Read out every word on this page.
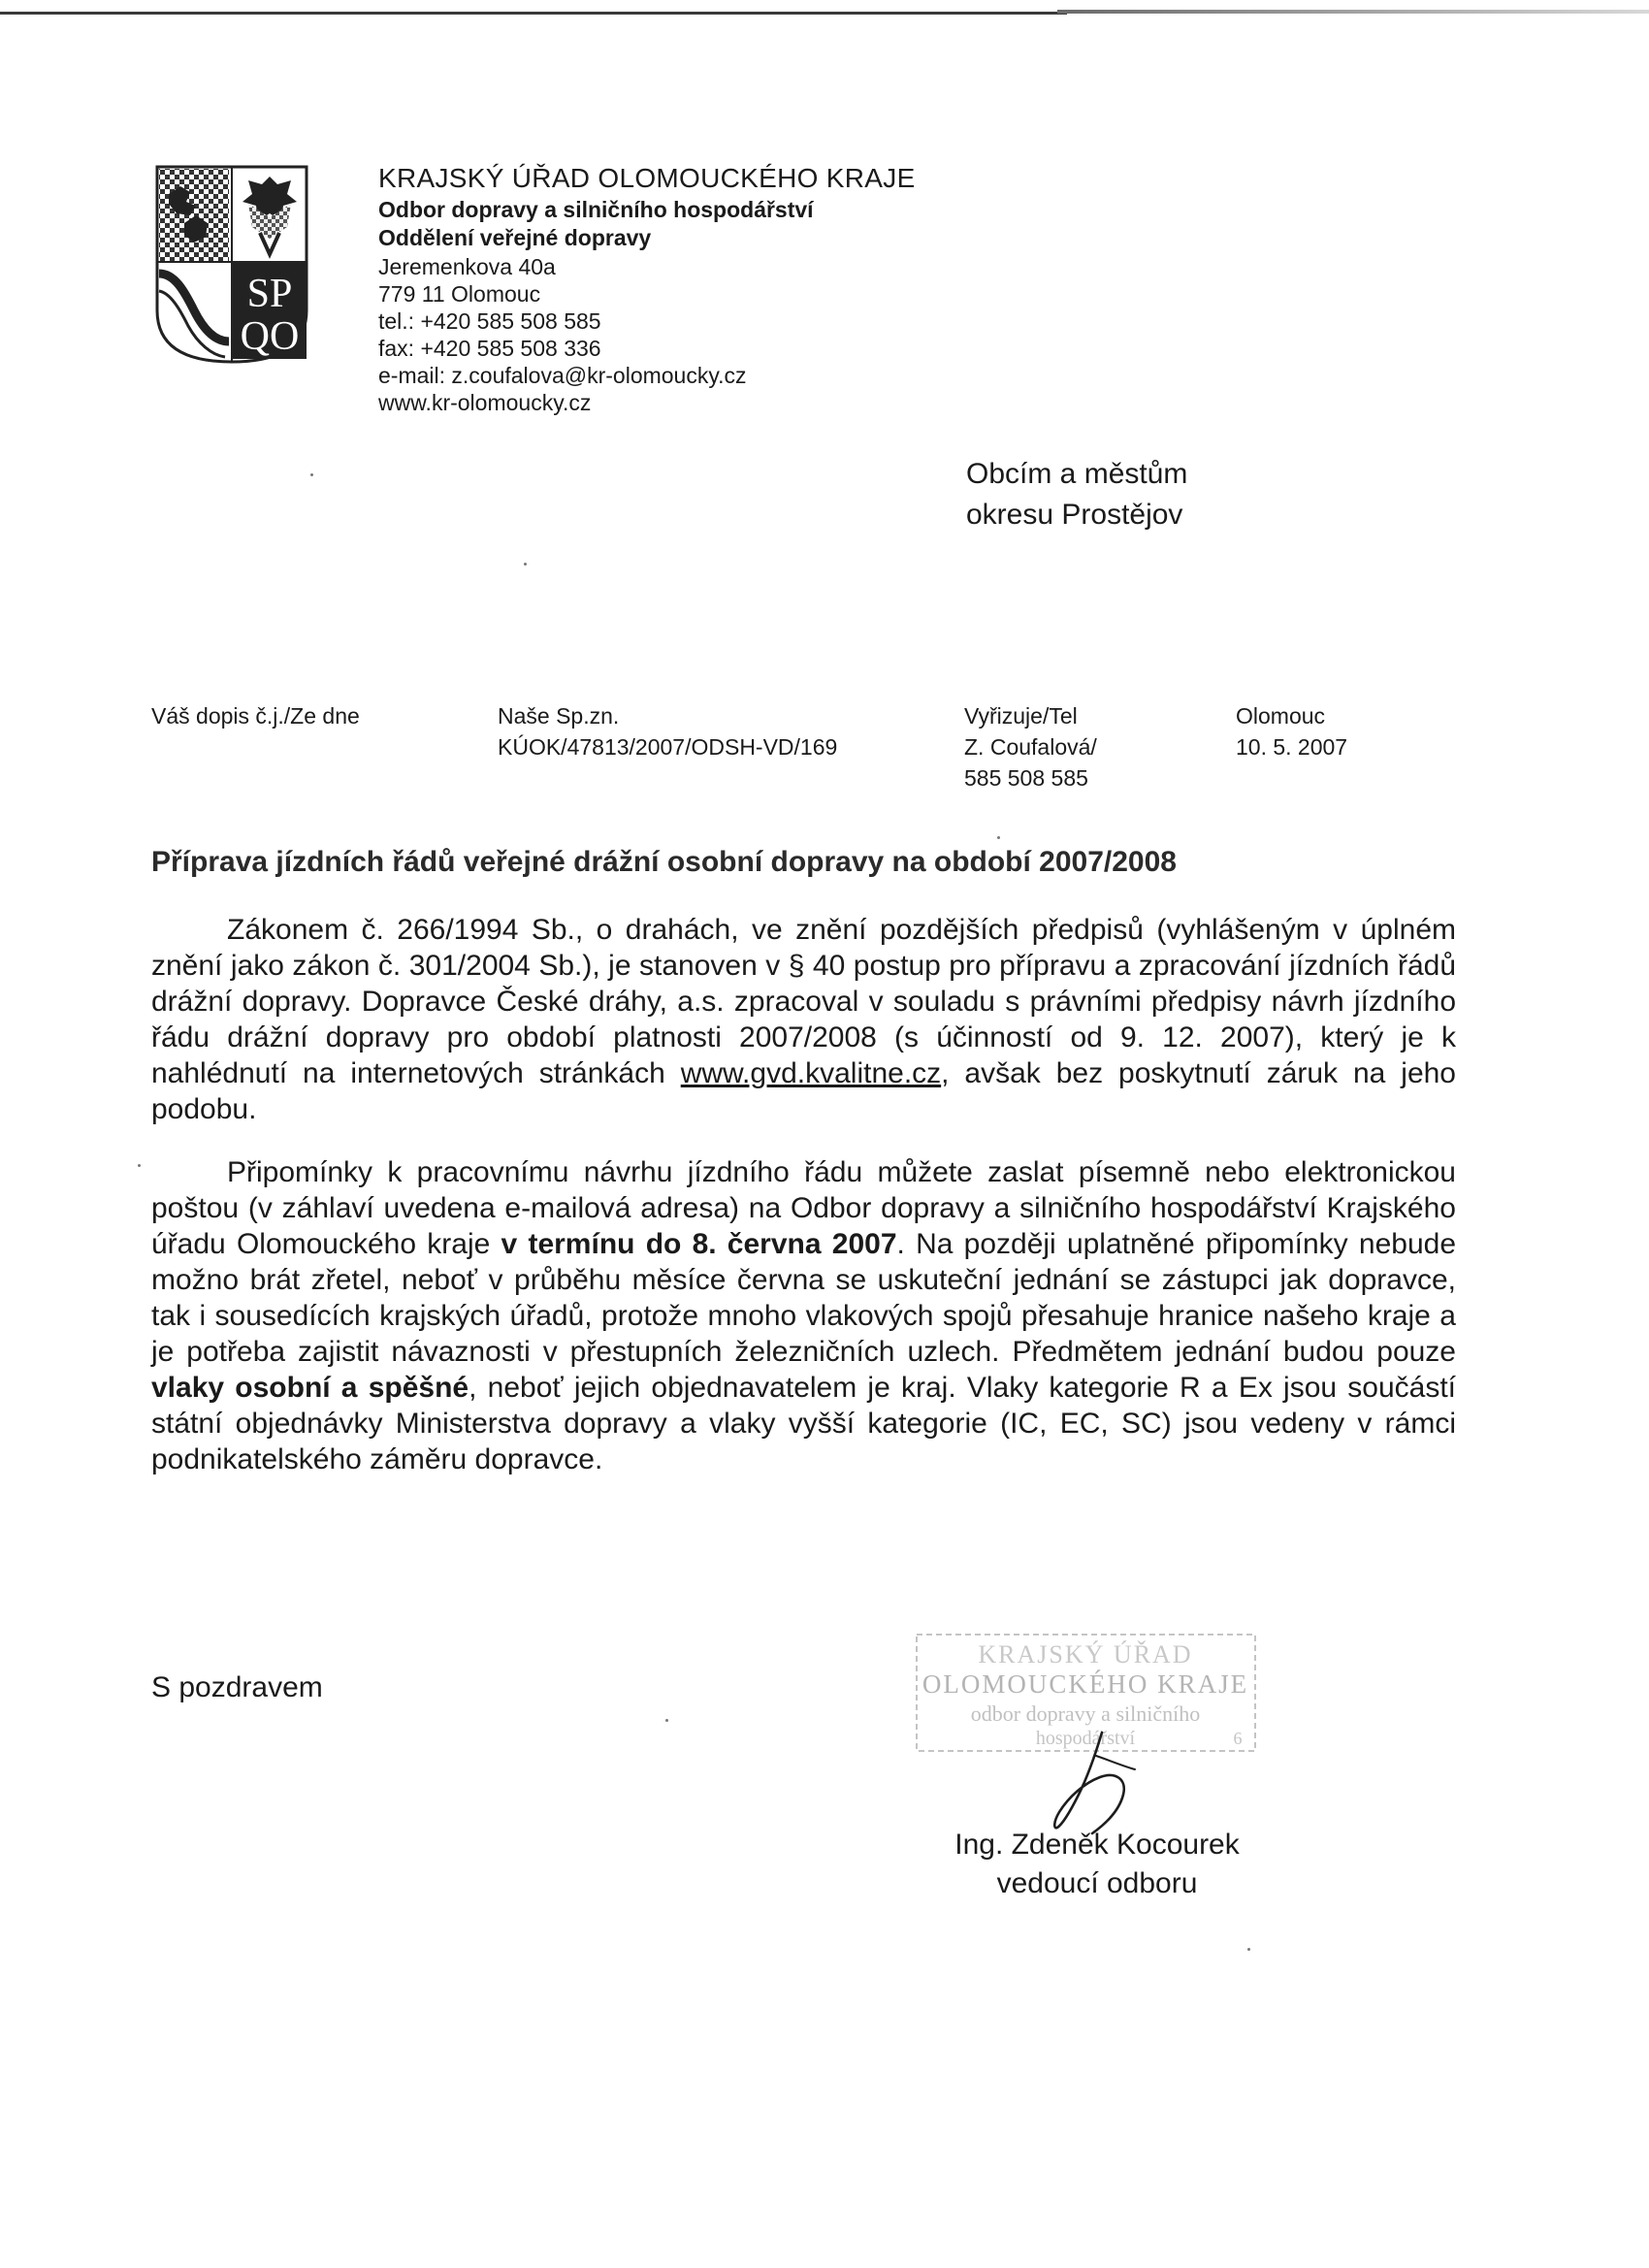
SP
QO

KRAJSKÝ ÚŘAD OLOMOUCKÉHO KRAJE

Odbor dopravy a silničního hospodářství

Oddělení veřejné dopravy

Jeremenkova 40a

779 11 Olomouc

tel.: +420 585 508 585

fax: +420 585 508 336

e-mail: z.coufalova@kr-olomoucky.cz

www.kr-olomoucky.cz

Obcím a městům
okresu Prostějov
Váš dopis č.j./Ze dne	Naše Sp.zn.
KÚOK/47813/2007/ODSH-VD/169
Vyřizuje/Tel
Z. Coufalová/
585 508 585
Olomouc
10. 5. 2007
Příprava jízdních řádů veřejné drážní osobní dopravy na období 2007/2008

Zákonem č. 266/1994 Sb., o drahách, ve znění pozdějších předpisů (vyhlášeným v úplném znění jako zákon č. 301/2004 Sb.), je stanoven v § 40 postup pro přípravu a zpracování jízdních řádů drážní dopravy. Dopravce České dráhy, a.s. zpracoval v souladu s právními předpisy návrh jízdního řádu drážní dopravy pro období platnosti 2007/2008 (s účinností od 9. 12. 2007), který je k nahlédnutí na internetových stránkách www.gvd.kvalitne.cz, avšak bez poskytnutí záruk na jeho podobu.

Připomínky k pracovnímu návrhu jízdního řádu můžete zaslat písemně nebo elektronickou poštou (v záhlaví uvedena e-mailová adresa) na Odbor dopravy a silničního hospodářství Krajského úřadu Olomouckého kraje v termínu do 8. června 2007. Na později uplatněné připomínky nebude možno brát zřetel, neboť v průběhu měsíce června se uskuteční jednání se zástupci jak dopravce, tak i sousedících krajských úřadů, protože mnoho vlakových spojů přesahuje hranice našeho kraje a je potřeba zajistit návaznosti v přestupních železničních uzlech. Předmětem jednání budou pouze vlaky osobní a spěšné, neboť jejich objednavatelem je kraj. Vlaky kategorie R a Ex jsou součástí státní objednávky Ministerstva dopravy a vlaky vyšší kategorie (IC, EC, SC) jsou vedeny v rámci podnikatelského záměru dopravce.

S pozdravem
KRAJSKÝ ÚŘAD
OLOMOUCKÉHO KRAJE
odbor dopravy a silničního
hospodářství	6
Ing. Zdeněk Kocourek
vedoucí odboru
